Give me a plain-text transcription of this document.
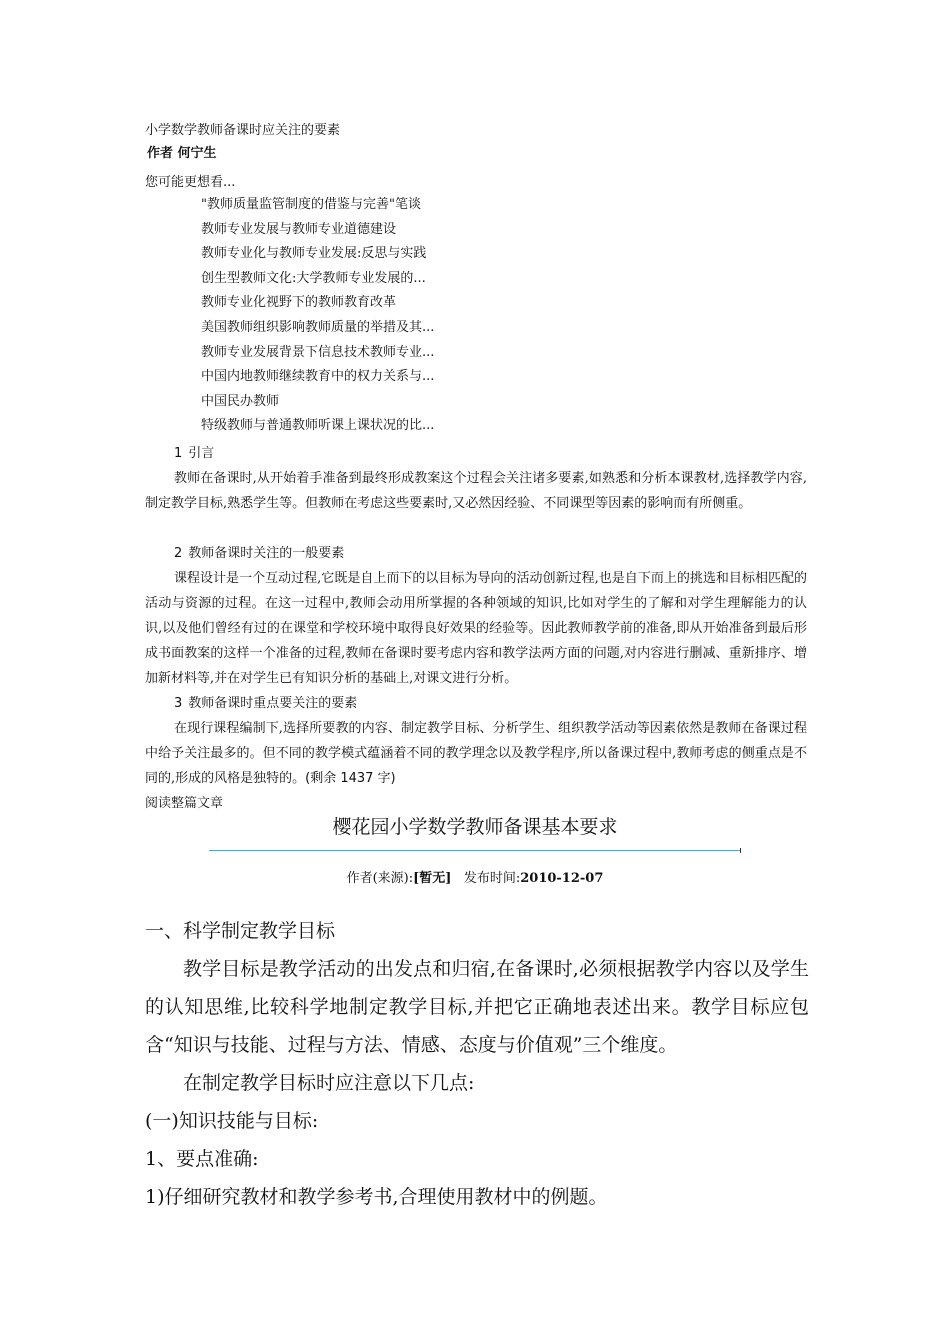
小学数学教师备课时应关注的要素
作者 何宁生
您可能更想看...
"教师质量监管制度的借鉴与完善"笔谈
教师专业发展与教师专业道德建设
教师专业化与教师专业发展:反思与实践
创生型教师文化:大学教师专业发展的...
教师专业化视野下的教师教育改革
美国教师组织影响教师质量的举措及其...
教师专业发展背景下信息技术教师专业...
中国内地教师继续教育中的权力关系与...
中国民办教师
特级教师与普通教师听课上课状况的比...
1 引言

教师在备课时,从开始着手准备到最终形成教案这个过程会关注诸多要素,如熟悉和分析本课教材,选择教学内容,制定教学目标,熟悉学生等。但教师在考虑这些要素时,又必然因经验、不同课型等因素的影响而有所侧重。

2 教师备课时关注的一般要素

课程设计是一个互动过程,它既是自上而下的以目标为导向的活动创新过程,也是自下而上的挑选和目标相匹配的活动与资源的过程。在这一过程中,教师会动用所掌握的各种领域的知识,比如对学生的了解和对学生理解能力的认识,以及他们曾经有过的在课堂和学校环境中取得良好效果的经验等。因此教师教学前的准备,即从开始准备到最后形成书面教案的这样一个准备的过程,教师在备课时要考虑内容和教学法两方面的问题,对内容进行删减、重新排序、增加新材料等,并在对学生已有知识分析的基础上,对课文进行分析。

3 教师备课时重点要关注的要素

在现行课程编制下,选择所要教的内容、制定教学目标、分析学生、组织教学活动等因素依然是教师在备课过程中给予关注最多的。但不同的教学模式蕴涵着不同的教学理念以及教学程序,所以备课过程中,教师考虑的侧重点是不同的,形成的风格是独特的。(剩余 1437 字)

阅读整篇文章
樱花园小学数学教师备课基本要求
作者(来源):[暂无] 发布时间:2010-12-07
一、科学制定教学目标

教学目标是教学活动的出发点和归宿,在备课时,必须根据教学内容以及学生的认知思维,比较科学地制定教学目标,并把它正确地表述出来。教学目标应包含“知识与技能、过程与方法、情感、态度与价值观”三个维度。

在制定教学目标时应注意以下几点:

(一)知识技能与目标:
1、要点准确:
1)仔细研究教材和教学参考书,合理使用教材中的例题。
